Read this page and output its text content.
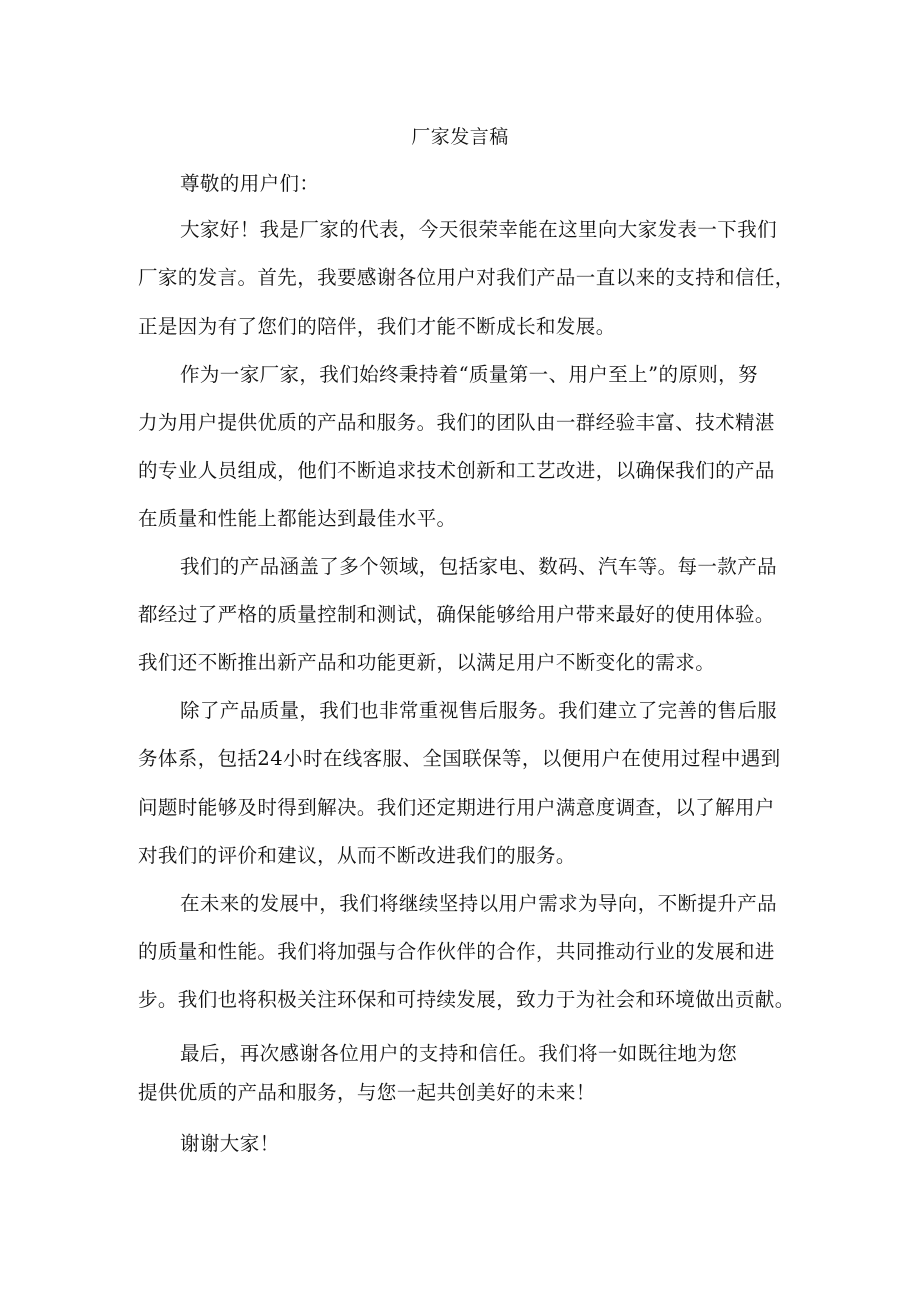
厂家发言稿
尊敬的用户们：
大家好！我是厂家的代表，今天很荣幸能在这里向大家发表一下我们
厂家的发言。首先，我要感谢各位用户对我们产品一直以来的支持和信任，
正是因为有了您们的陪伴，我们才能不断成长和发展。
作为一家厂家，我们始终秉持着“质量第一、用户至上”的原则，努
力为用户提供优质的产品和服务。我们的团队由一群经验丰富、技术精湛
的专业人员组成，他们不断追求技术创新和工艺改进，以确保我们的产品
在质量和性能上都能达到最佳水平。
我们的产品涵盖了多个领域，包括家电、数码、汽车等。每一款产品
都经过了严格的质量控制和测试，确保能够给用户带来最好的使用体验。
我们还不断推出新产品和功能更新，以满足用户不断变化的需求。
除了产品质量，我们也非常重视售后服务。我们建立了完善的售后服
务体系，包括24小时在线客服、全国联保等，以便用户在使用过程中遇到
问题时能够及时得到解决。我们还定期进行用户满意度调查，以了解用户
对我们的评价和建议，从而不断改进我们的服务。
在未来的发展中，我们将继续坚持以用户需求为导向，不断提升产品
的质量和性能。我们将加强与合作伙伴的合作，共同推动行业的发展和进
步。我们也将积极关注环保和可持续发展，致力于为社会和环境做出贡献。
最后，再次感谢各位用户的支持和信任。我们将一如既往地为您
提供优质的产品和服务，与您一起共创美好的未来！
谢谢大家！
